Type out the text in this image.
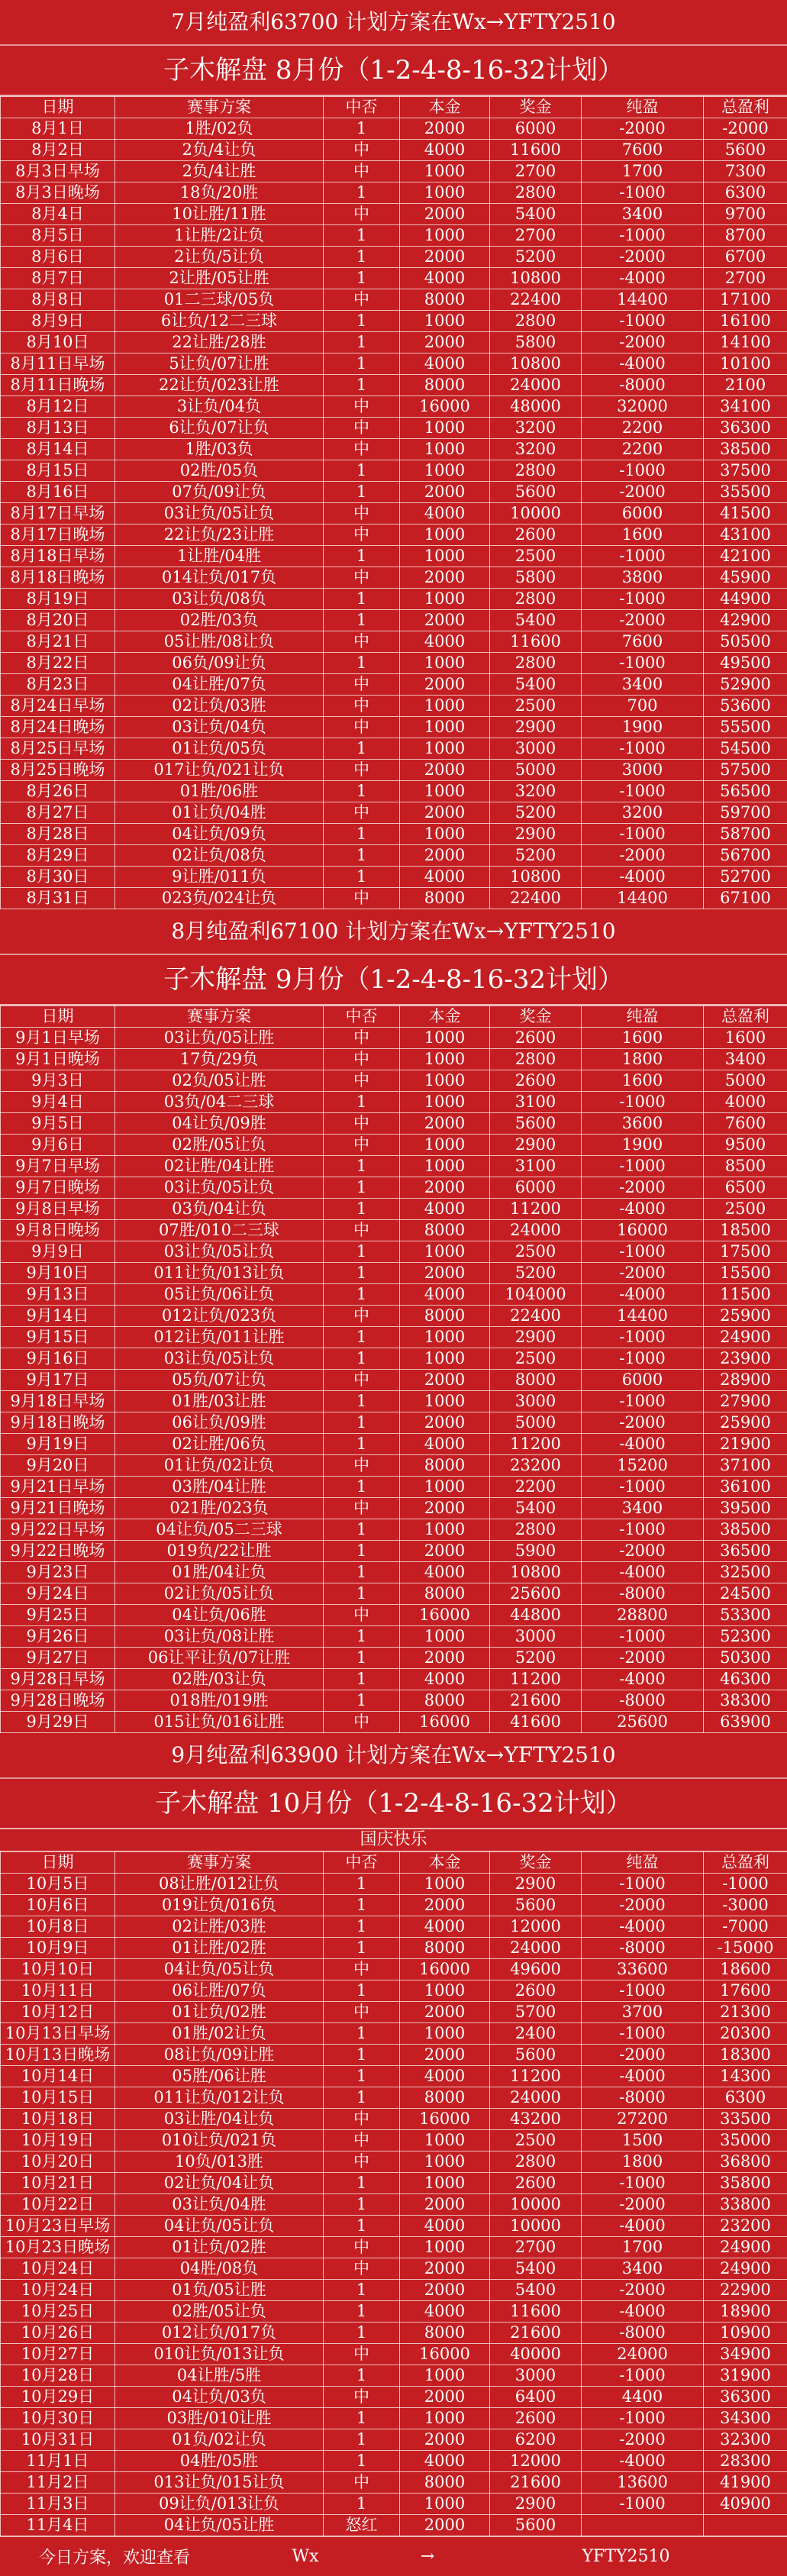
7月纯盈利63700 计划方案在Wx→YFTY2510
子木解盘 8月份（1-2-4-8-16-32计划）
日期	赛事方案	中否	本金	奖金	纯盈	总盈利
8月1日	1胜/02负	1	2000	6000	-2000	-2000
8月2日	2负/4让负	中	4000	11600	7600	5600
8月3日早场	2负/4让胜	中	1000	2700	1700	7300
8月3日晚场	18负/20胜	1	1000	2800	-1000	6300
8月4日	10让胜/11胜	中	2000	5400	3400	9700
8月5日	1让胜/2让负	1	1000	2700	-1000	8700
8月6日	2让负/5让负	1	2000	5200	-2000	6700
8月7日	2让胜/05让胜	1	4000	10800	-4000	2700
8月8日	01二三球/05负	中	8000	22400	14400	17100
8月9日	6让负/12二三球	1	1000	2800	-1000	16100
8月10日	22让胜/28胜	1	2000	5800	-2000	14100
8月11日早场	5让负/07让胜	1	4000	10800	-4000	10100
8月11日晚场	22让负/023让胜	1	8000	24000	-8000	2100
8月12日	3让负/04负	中	16000	48000	32000	34100
8月13日	6让负/07让负	中	1000	3200	2200	36300
8月14日	1胜/03负	中	1000	3200	2200	38500
8月15日	02胜/05负	1	1000	2800	-1000	37500
8月16日	07负/09让负	1	2000	5600	-2000	35500
8月17日早场	03让负/05让负	中	4000	10000	6000	41500
8月17日晚场	22让负/23让胜	中	1000	2600	1600	43100
8月18日早场	1让胜/04胜	1	1000	2500	-1000	42100
8月18日晚场	014让负/017负	中	2000	5800	3800	45900
8月19日	03让负/08负	1	1000	2800	-1000	44900
8月20日	02胜/03负	1	2000	5400	-2000	42900
8月21日	05让胜/08让负	中	4000	11600	7600	50500
8月22日	06负/09让负	1	1000	2800	-1000	49500
8月23日	04让胜/07负	中	2000	5400	3400	52900
8月24日早场	02让负/03胜	中	1000	2500	700	53600
8月24日晚场	03让负/04负	中	1000	2900	1900	55500
8月25日早场	01让负/05负	1	1000	3000	-1000	54500
8月25日晚场	017让负/021让负	中	2000	5000	3000	57500
8月26日	01胜/06胜	1	1000	3200	-1000	56500
8月27日	01让负/04胜	中	2000	5200	3200	59700
8月28日	04让负/09负	1	1000	2900	-1000	58700
8月29日	02让负/08负	1	2000	5200	-2000	56700
8月30日	9让胜/011负	1	4000	10800	-4000	52700
8月31日	023负/024让负	中	8000	22400	14400	67100
8月纯盈利67100 计划方案在Wx→YFTY2510
子木解盘 9月份（1-2-4-8-16-32计划）
日期	赛事方案	中否	本金	奖金	纯盈	总盈利
9月1日早场	03让负/05让胜	中	1000	2600	1600	1600
9月1日晚场	17负/29负	中	1000	2800	1800	3400
9月3日	02负/05让胜	中	1000	2600	1600	5000
9月4日	03负/04二三球	1	1000	3100	-1000	4000
9月5日	04让负/09胜	中	2000	5600	3600	7600
9月6日	02胜/05让负	中	1000	2900	1900	9500
9月7日早场	02让胜/04让胜	1	1000	3100	-1000	8500
9月7日晚场	03让负/05让负	1	2000	6000	-2000	6500
9月8日早场	03负/04让负	1	4000	11200	-4000	2500
9月8日晚场	07胜/010二三球	中	8000	24000	16000	18500
9月9日	03让负/05让负	1	1000	2500	-1000	17500
9月10日	011让负/013让负	1	2000	5200	-2000	15500
9月13日	05让负/06让负	1	4000	104000	-4000	11500
9月14日	012让负/023负	中	8000	22400	14400	25900
9月15日	012让负/011让胜	1	1000	2900	-1000	24900
9月16日	03让负/05让负	1	1000	2500	-1000	23900
9月17日	05负/07让负	中	2000	8000	6000	28900
9月18日早场	01胜/03让胜	1	1000	3000	-1000	27900
9月18日晚场	06让负/09胜	1	2000	5000	-2000	25900
9月19日	02让胜/06负	1	4000	11200	-4000	21900
9月20日	01让负/02让负	中	8000	23200	15200	37100
9月21日早场	03胜/04让胜	1	1000	2200	-1000	36100
9月21日晚场	021胜/023负	中	2000	5400	3400	39500
9月22日早场	04让负/05二三球	1	1000	2800	-1000	38500
9月22日晚场	019负/22让胜	1	2000	5900	-2000	36500
9月23日	01胜/04让负	1	4000	10800	-4000	32500
9月24日	02让负/05让负	1	8000	25600	-8000	24500
9月25日	04让负/06胜	中	16000	44800	28800	53300
9月26日	03让负/08让胜	1	1000	3000	-1000	52300
9月27日	06让平让负/07让胜	1	2000	5200	-2000	50300
9月28日早场	02胜/03让负	1	4000	11200	-4000	46300
9月28日晚场	018胜/019胜	1	8000	21600	-8000	38300
9月29日	015让负/016让胜	中	16000	41600	25600	63900
9月纯盈利63900 计划方案在Wx→YFTY2510
子木解盘 10月份（1-2-4-8-16-32计划）
国庆快乐
日期	赛事方案	中否	本金	奖金	纯盈	总盈利
10月5日	08让胜/012让负	1	1000	2900	-1000	-1000
10月6日	019让负/016负	1	2000	5600	-2000	-3000
10月8日	02让胜/03胜	1	4000	12000	-4000	-7000
10月9日	01让胜/02胜	1	8000	24000	-8000	-15000
10月10日	04让负/05让负	中	16000	49600	33600	18600
10月11日	06让胜/07负	1	1000	2600	-1000	17600
10月12日	01让负/02胜	中	2000	5700	3700	21300
10月13日早场	01胜/02让负	1	1000	2400	-1000	20300
10月13日晚场	08让负/09让胜	1	2000	5600	-2000	18300
10月14日	05胜/06让胜	1	4000	11200	-4000	14300
10月15日	011让负/012让负	1	8000	24000	-8000	6300
10月18日	03让胜/04让负	中	16000	43200	27200	33500
10月19日	010让负/021负	中	1000	2500	1500	35000
10月20日	10负/013胜	中	1000	2800	1800	36800
10月21日	02让负/04让负	1	1000	2600	-1000	35800
10月22日	03让负/04胜	1	2000	10000	-2000	33800
10月23日早场	04让负/05让负	1	4000	10000	-4000	23200
10月23日晚场	01让负/02胜	中	1000	2700	1700	24900
10月24日	04胜/08负	中	2000	5400	3400	24900
10月24日	01负/05让胜	1	2000	5400	-2000	22900
10月25日	02胜/05让负	1	4000	11600	-4000	18900
10月26日	012让负/017负	1	8000	21600	-8000	10900
10月27日	010让负/013让负	中	16000	40000	24000	34900
10月28日	04让胜/5胜	1	1000	3000	-1000	31900
10月29日	04让负/03负	中	2000	6400	4400	36300
10月30日	03胜/010让胜	1	1000	2600	-1000	34300
10月31日	01负/02让负	1	2000	6200	-2000	32300
11月1日	04胜/05胜	1	4000	12000	-4000	28300
11月2日	013让负/015让负	中	8000	21600	13600	41900
11月3日	09让负/013让负	1	1000	2900	-1000	40900
11月4日	04让负/05让胜	怒红	2000	5600		
今日方案，欢迎查看	Wx	→	YFTY2510
